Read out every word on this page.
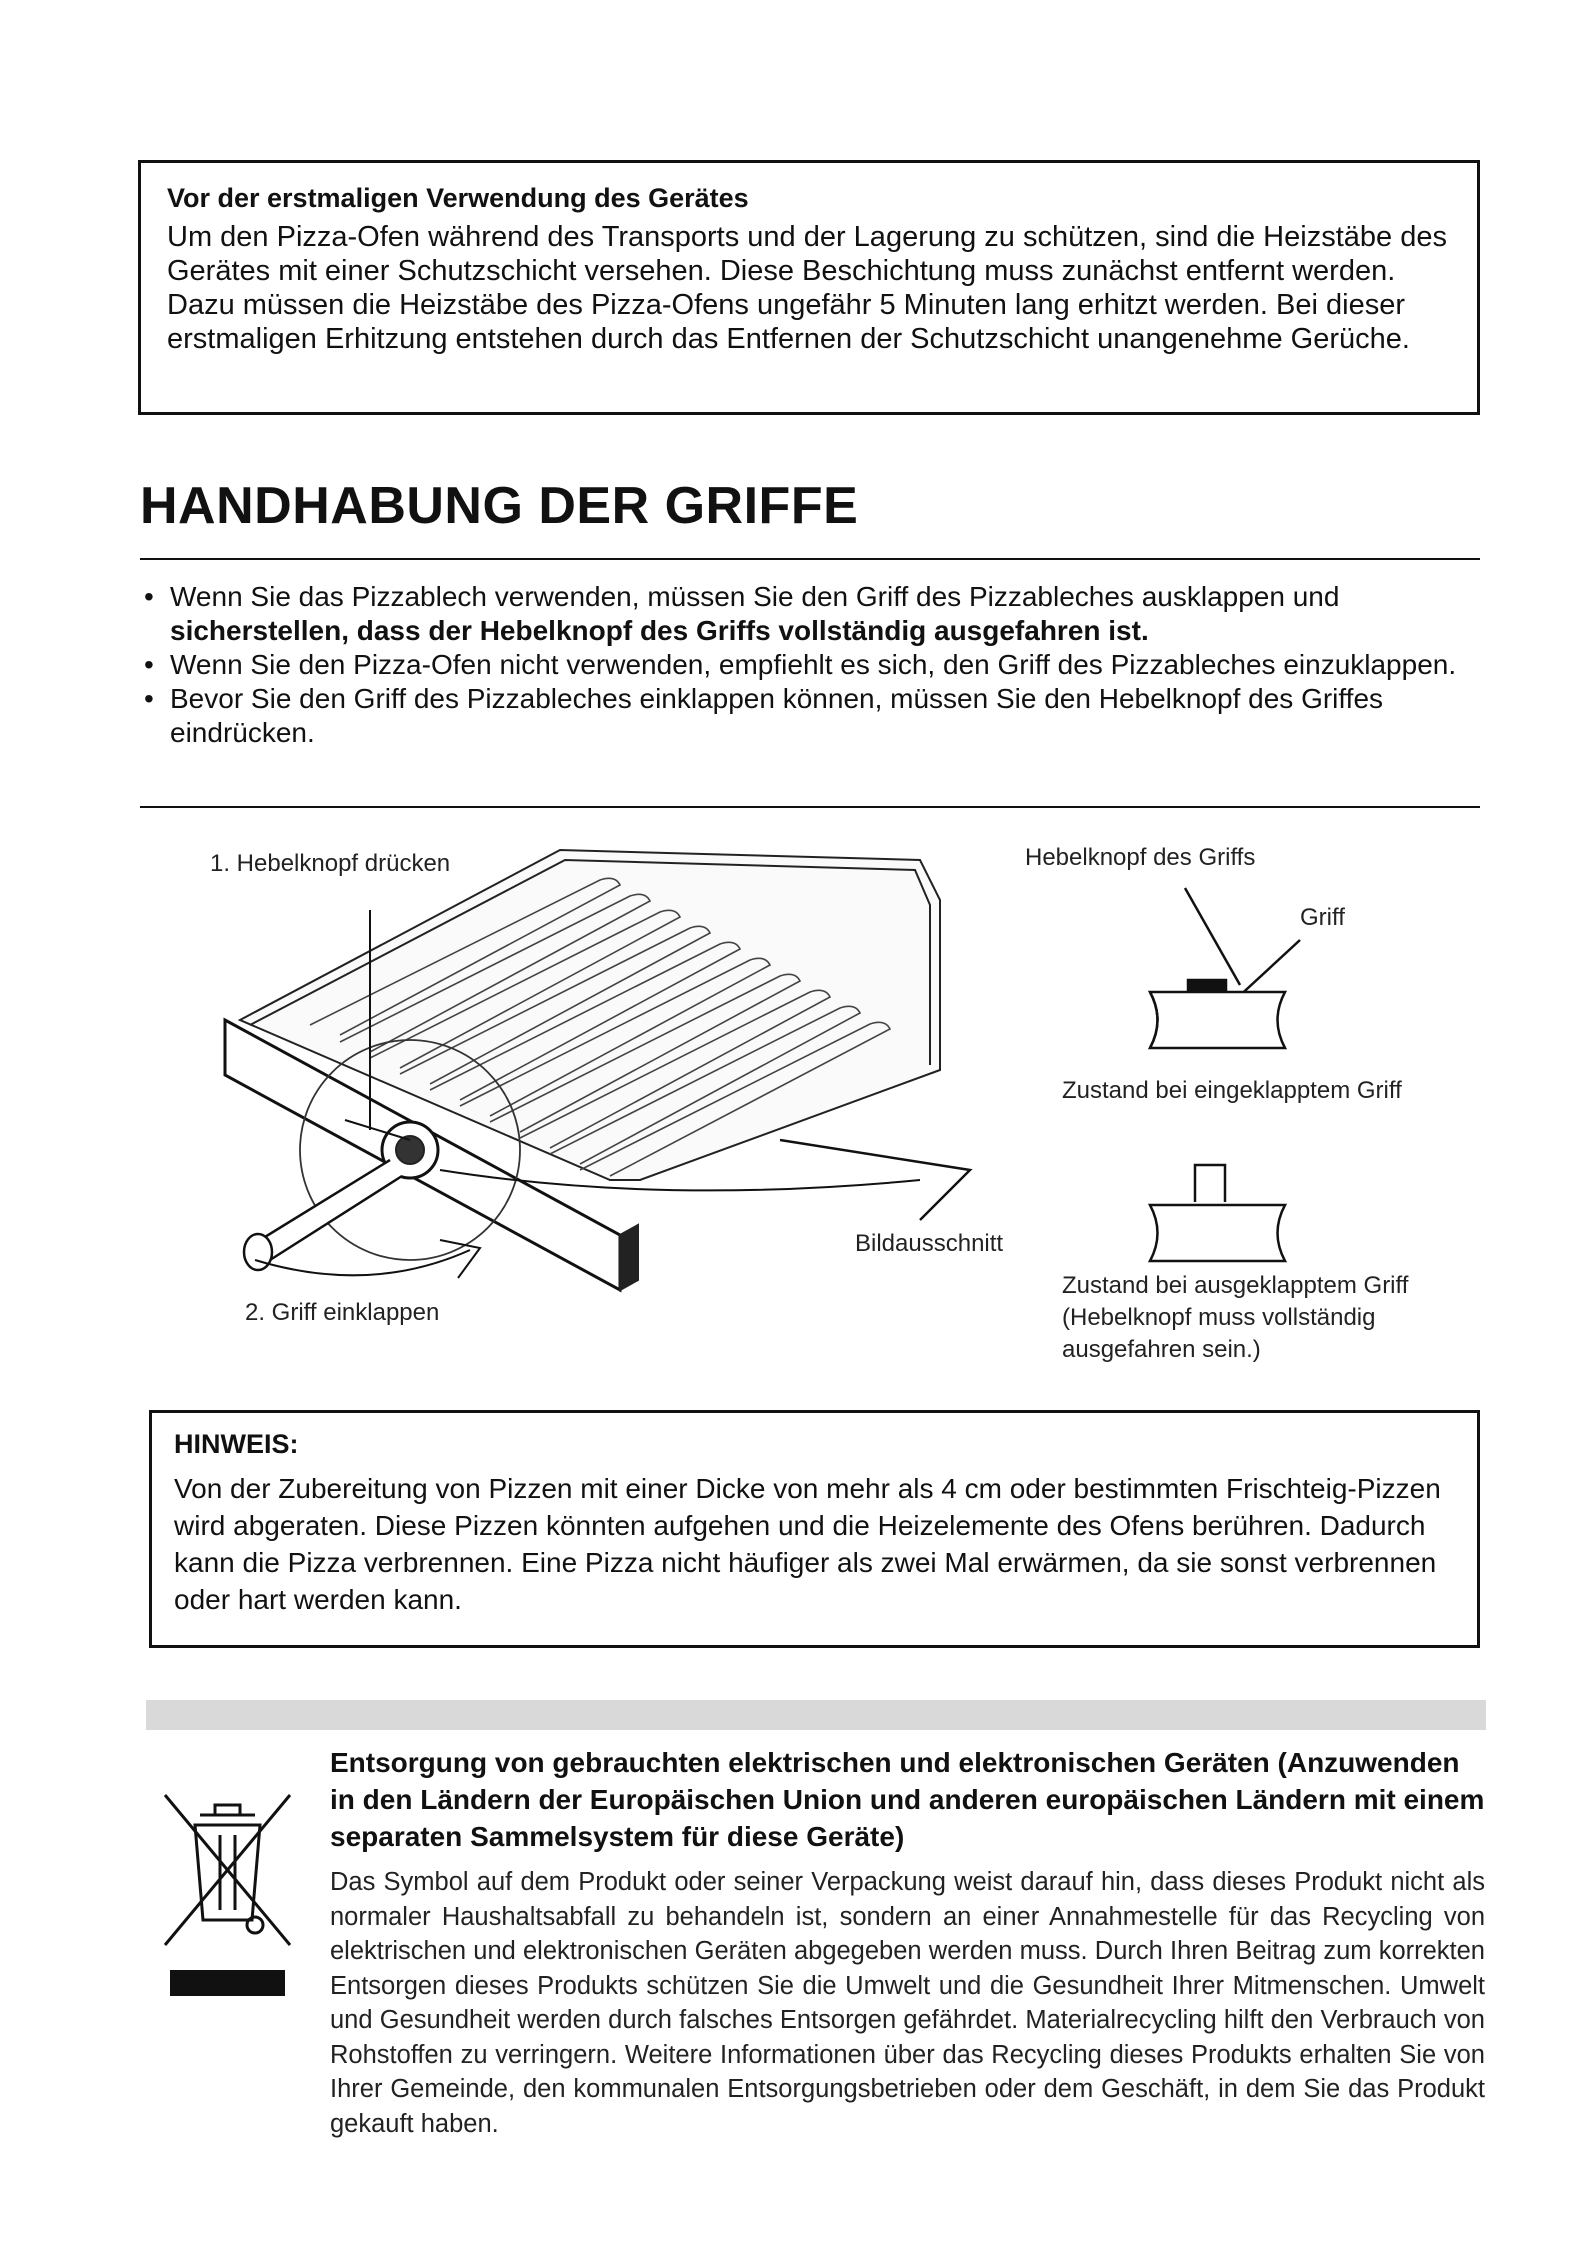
Vor der erstmaligen Verwendung des Gerätes

Um den Pizza-Ofen während des Transports und der Lagerung zu schützen, sind die Heizstäbe des Gerätes mit einer Schutzschicht versehen. Diese Beschichtung muss zunächst entfernt werden. Dazu müssen die Heizstäbe des Pizza-Ofens ungefähr 5 Minuten lang erhitzt werden. Bei dieser erstmaligen Erhitzung entstehen durch das Entfernen der Schutzschicht unangenehme Gerüche.

HANDHABUNG DER GRIFFE
• Wenn Sie das Pizzablech verwenden, müssen Sie den Griff des Pizzableches ausklappen und sicherstellen, dass der Hebelknopf des Griffs vollständig ausgefahren ist.
• Wenn Sie den Pizza-Ofen nicht verwenden, empfiehlt es sich, den Griff des Pizzableches einzuklappen.
• Bevor Sie den Griff des Pizzableches einklappen können, müssen Sie den Hebelknopf des Griffes eindrücken.
1. Hebelknopf drücken	Hebelknopf des Griffs
Griff
Zustand bei eingeklapptem Griff
Bildausschnitt
2. Griff einklappen
Zustand bei ausgeklapptem Griff
(Hebelknopf muss vollständig
ausgefahren sein.)
HINWEIS:

Von der Zubereitung von Pizzen mit einer Dicke von mehr als 4 cm oder bestimmten Frischteig-Pizzen wird abgeraten. Diese Pizzen könnten aufgehen und die Heizelemente des Ofens berühren. Dadurch kann die Pizza verbrennen. Eine Pizza nicht häufiger als zwei Mal erwärmen, da sie sonst verbrennen oder hart werden kann.

Entsorgung von gebrauchten elektrischen und elektronischen Geräten (Anzuwenden in den Ländern der Europäischen Union und anderen europäischen Ländern mit einem separaten Sammelsystem für diese Geräte)

Das Symbol auf dem Produkt oder seiner Verpackung weist darauf hin, dass dieses Produkt nicht als normaler Haushaltsabfall zu behandeln ist, sondern an einer Annahmestelle für das Recycling von elektrischen und elektronischen Geräten abgegeben werden muss. Durch Ihren Beitrag zum korrekten Entsorgen dieses Produkts schützen Sie die Umwelt und die Gesundheit Ihrer Mitmenschen. Umwelt und Gesundheit werden durch falsches Entsorgen gefährdet. Materialrecycling hilft den Verbrauch von Rohstoffen zu verringern. Weitere Informationen über das Recycling dieses Produkts erhalten Sie von Ihrer Gemeinde, den kommunalen Entsorgungsbetrieben oder dem Geschäft, in dem Sie das Produkt gekauft haben.
